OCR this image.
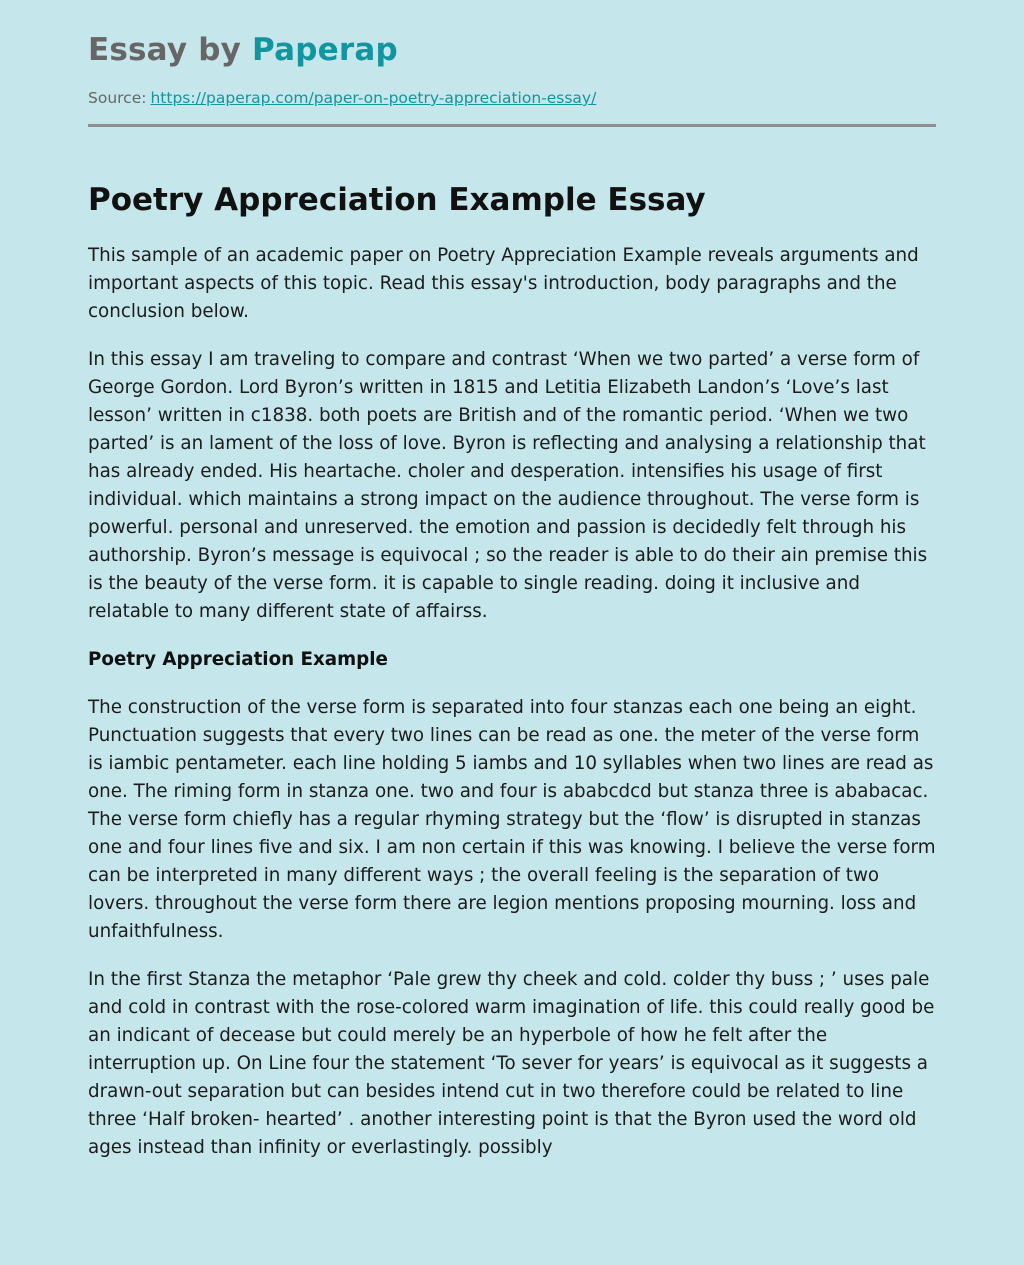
Essay by Paperap
Source: https://paperap.com/paper-on-poetry-appreciation-essay/
Poetry Appreciation Example Essay

This sample of an academic paper on Poetry Appreciation Example reveals arguments and important aspects of this topic. Read this essay's introduction, body paragraphs and the conclusion below.

In this essay I am traveling to compare and contrast ‘When we two parted’ a verse form of George Gordon. Lord Byron’s written in 1815 and Letitia Elizabeth Landon’s ‘Love’s last lesson’ written in c1838. both poets are British and of the romantic period. ‘When we two parted’ is an lament of the loss of love. Byron is reflecting and analysing a relationship that has already ended. His heartache. choler and desperation. intensifies his usage of first individual. which maintains a strong impact on the audience throughout. The verse form is powerful. personal and unreserved. the emotion and passion is decidedly felt through his authorship. Byron’s message is equivocal ; so the reader is able to do their ain premise this is the beauty of the verse form. it is capable to single reading. doing it inclusive and relatable to many different state of affairss.

Poetry Appreciation Example

The construction of the verse form is separated into four stanzas each one being an eight. Punctuation suggests that every two lines can be read as one. the meter of the verse form is iambic pentameter. each line holding 5 iambs and 10 syllables when two lines are read as one. The riming form in stanza one. two and four is ababcdcd but stanza three is ababacac. The verse form chiefly has a regular rhyming strategy but the ‘flow’ is disrupted in stanzas one and four lines five and six. I am non certain if this was knowing. I believe the verse form can be interpreted in many different ways ; the overall feeling is the separation of two lovers. throughout the verse form there are legion mentions proposing mourning. loss and unfaithfulness.

In the first Stanza the metaphor ‘Pale grew thy cheek and cold. colder thy buss ; ’ uses pale and cold in contrast with the rose-colored warm imagination of life. this could really good be an indicant of decease but could merely be an hyperbole of how he felt after the interruption up. On Line four the statement ‘To sever for years’ is equivocal as it suggests a drawn-out separation but can besides intend cut in two therefore could be related to line three ‘Half broken- hearted’ . another interesting point is that the Byron used the word old ages instead than infinity or everlastingly. possibly
